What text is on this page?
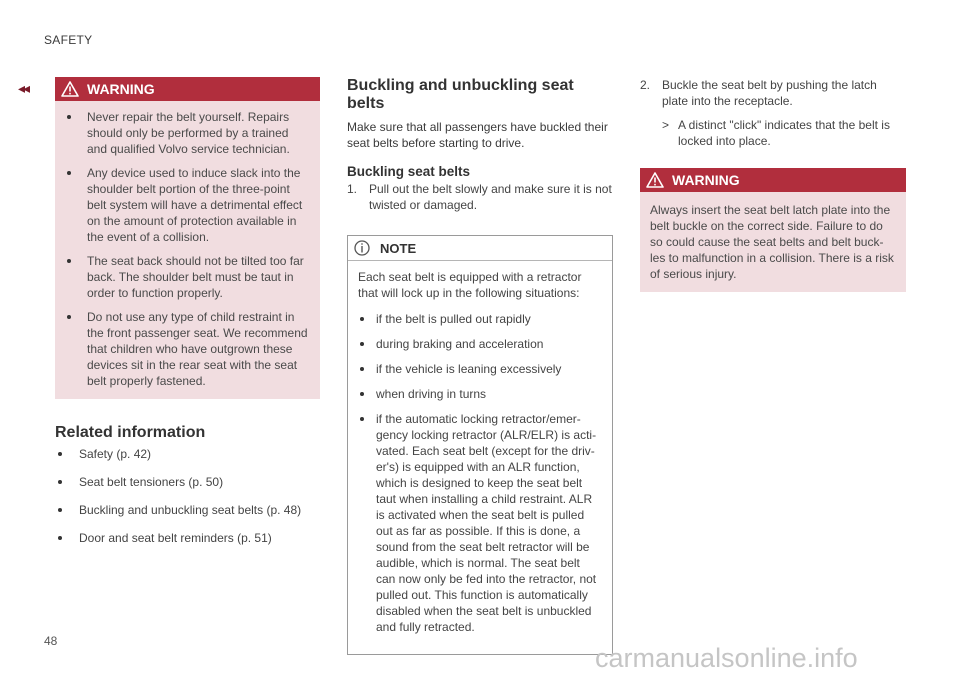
SAFETY
◂◂	WARNING
Never repair the belt yourself. Repairs should only be performed by a trained and qualified Volvo service technician.
Any device used to induce slack into the shoulder belt portion of the three-point belt system will have a detrimental effect on the amount of protection available in the event of a collision.
The seat back should not be tilted too far back. The shoulder belt must be taut in order to function properly.
Do not use any type of child restraint in the front passenger seat. We recommend that children who have outgrown these devices sit in the rear seat with the seat belt properly fastened.
Related information
Safety (p. 42)
Seat belt tensioners (p. 50)
Buckling and unbuckling seat belts (p. 48)
Door and seat belt reminders (p. 51)
Buckling and unbuckling seat belts

Make sure that all passengers have buckled their seat belts before starting to drive.

Buckling seat belts
1. Pull out the belt slowly and make sure it is not twisted or damaged.
NOTE

Each seat belt is equipped with a retractor that will lock up in the following situations:

if the belt is pulled out rapidly
during braking and acceleration
if the vehicle is leaning excessively
when driving in turns
if the automatic locking retractor/emer-gency locking retractor (ALR/ELR) is acti-vated. Each seat belt (except for the driv-er's) is equipped with an ALR function, which is designed to keep the seat belt taut when installing a child restraint. ALR is activated when the seat belt is pulled out as far as possible. If this is done, a sound from the seat belt retractor will be audible, which is normal. The seat belt can now only be fed into the retractor, not pulled out. This function is automatically disabled when the seat belt is unbuckled and fully retracted.
2. Buckle the seat belt by pushing the latch plate into the receptacle.
> A distinct "click" indicates that the belt is locked into place.
WARNING

Always insert the seat belt latch plate into the belt buckle on the correct side. Failure to do so could cause the seat belts and belt buck-les to malfunction in a collision. There is a risk of serious injury.

48
carmanualsonline.info
